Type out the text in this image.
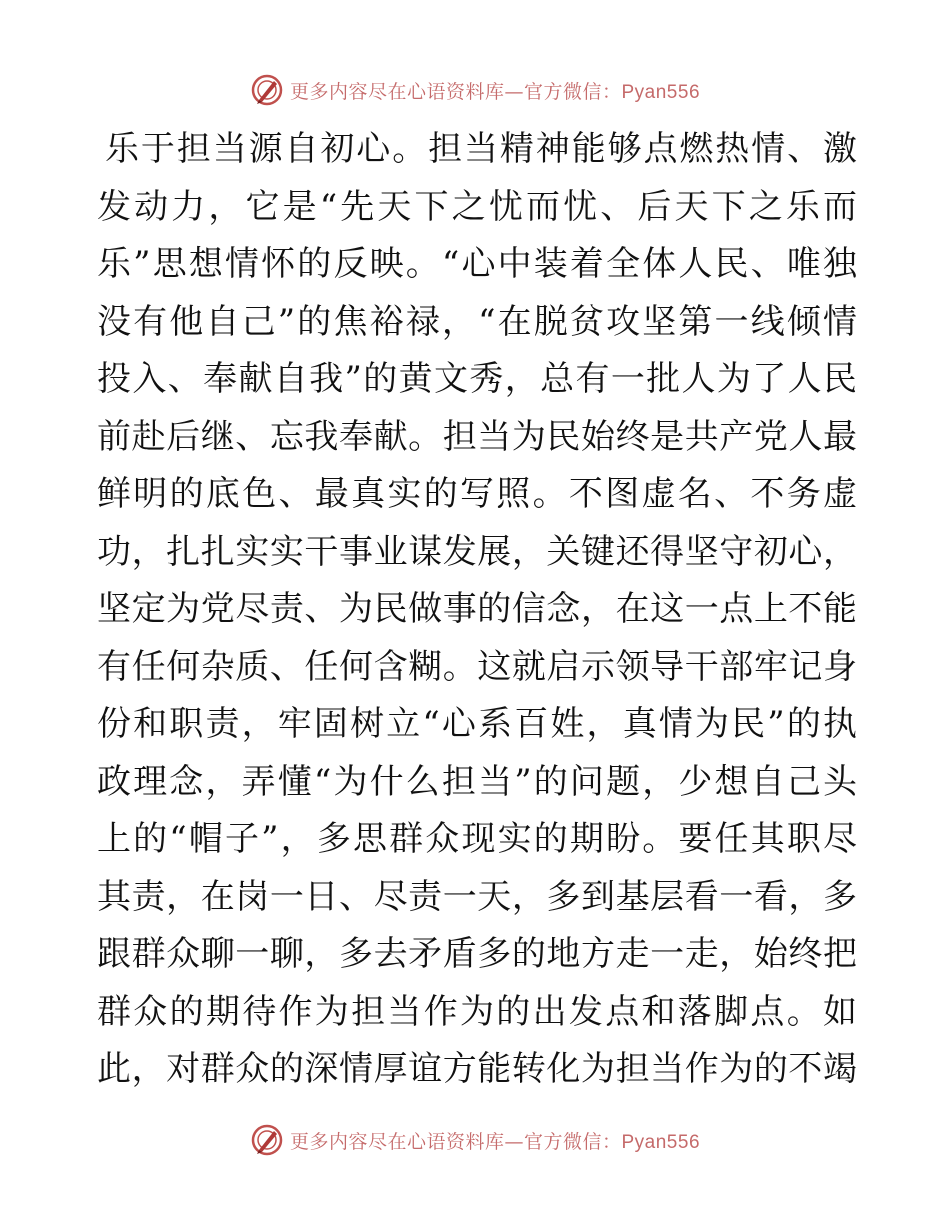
更多内容尽在心语资料库—官方微信：Pyan556
乐于担当源自初心。担当精神能够点燃热情、激
发动力，它是“先天下之忧而忧、后天下之乐而
乐”思想情怀的反映。“心中装着全体人民、唯独
没有他自己”的焦裕禄，“在脱贫攻坚第一线倾情
投入、奉献自我”的黄文秀，总有一批人为了人民
前赴后继、忘我奉献。担当为民始终是共产党人最
鲜明的底色、最真实的写照。不图虚名、不务虚
功，扎扎实实干事业谋发展，关键还得坚守初心，
坚定为党尽责、为民做事的信念，在这一点上不能
有任何杂质、任何含糊。这就启示领导干部牢记身
份和职责，牢固树立“心系百姓，真情为民”的执
政理念，弄懂“为什么担当”的问题，少想自己头
上的“帽子”，多思群众现实的期盼。要任其职尽
其责，在岗一日、尽责一天，多到基层看一看，多
跟群众聊一聊，多去矛盾多的地方走一走，始终把
群众的期待作为担当作为的出发点和落脚点。如
此，对群众的深情厚谊方能转化为担当作为的不竭
更多内容尽在心语资料库—官方微信：Pyan556
